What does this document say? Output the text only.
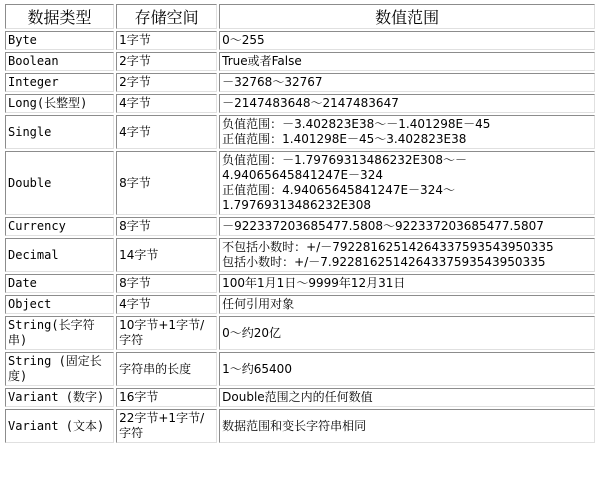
数据类型	存储空间	数值范围
Byte	1字节	0～255
Boolean	2字节	True或者False
Integer	2字节	－32768～32767
Long(长整型)	4字节	－2147483648～2147483647
Single	4字节	负值范围：－3.402823E38～－1.401298E－45
正值范围：1.401298E－45～3.402823E38
Double	8字节	负值范围：－1.79769313486232E308～－
4.94065645841247E－324
正值范围：4.94065645841247E－324～
1.79769313486232E308
Currency	8字节	－922337203685477.5808～922337203685477.5807
Decimal	14字节	不包括小数时：+/－79228162514264337593543950335
包括小数时：+/－7.9228162514264337593543950335
Date	8字节	100年1月1日～9999年12月31日
Object	4字节	任何引用对象
String(长字符串)	10字节+1字节/字符	0～约20亿
String (固定长度)	字符串的长度	1～约65400
Variant (数字)	16字节	Double范围之内的任何数值
Variant (文本)	22字节+1字节/字符	数据范围和变长字符串相同
